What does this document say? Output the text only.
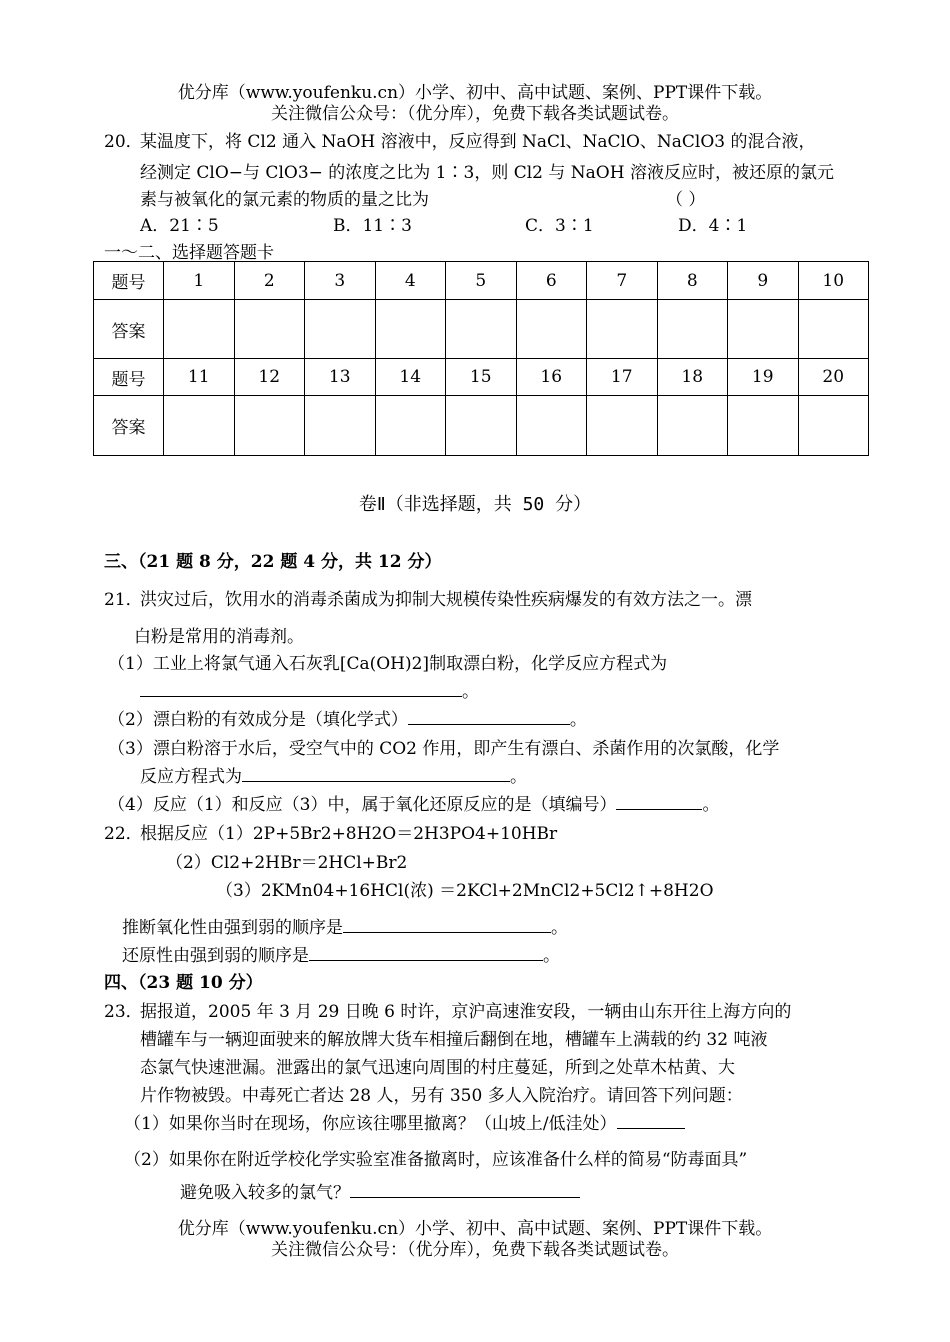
优分库（www.youfenku.cn）小学、初中、高中试题、案例、PPT课件下载。
关注微信公众号：（优分库），免费下载各类试题试卷。
20．
某温度下，将 Cl2 通入 NaOH 溶液中，反应得到 NaCl、NaClO、NaClO3 的混合液，
经测定 ClO−与 ClO3− 的浓度之比为 1∶3，则 Cl2 与 NaOH 溶液反应时，被还原的氯元
素与被氧化的氯元素的物质的量之比为	（ ）
A．21∶5	B．11∶3	C．3∶1	D．4∶1
一～二、选择题答题卡
题号	1	2	3	4	5	6	7	8	9	10
答案										
题号	11	12	13	14	15	16	17	18	19	20
答案										
卷Ⅱ（非选择题，共 50 分）
三、（21 题 8 分，22 题 4 分，共 12 分）
21．
洪灾过后，饮用水的消毒杀菌成为抑制大规模传染性疾病爆发的有效方法之一。漂
白粉是常用的消毒剂。
（1）工业上将氯气通入石灰乳[Ca(OH)2]制取漂白粉，化学反应方程式为
。
（2）漂白粉的有效成分是（填化学式）	。
（3）漂白粉溶于水后，受空气中的 CO2 作用，即产生有漂白、杀菌作用的次氯酸，化学
反应方程式为	。
（4）反应（1）和反应（3）中，属于氧化还原反应的是（填编号）	。
22．
根据反应（1）2P+5Br2+8H2O＝2H3PO4+10HBr
（2）Cl2+2HBr＝2HCl+Br2
（3）2KMn04+16HCl(浓) ＝2KCl+2MnCl2+5Cl2↑+8H2O
推断氧化性由强到弱的顺序是	。
还原性由强到弱的顺序是	。
四、（23 题 10 分）
23．
据报道，2005 年 3 月 29 日晚 6 时许，京沪高速淮安段，一辆由山东开往上海方向的
槽罐车与一辆迎面驶来的解放牌大货车相撞后翻倒在地，槽罐车上满载的约 32 吨液
态氯气快速泄漏。泄露出的氯气迅速向周围的村庄蔓延，所到之处草木枯黄、大
片作物被毁。中毒死亡者达 28 人，另有 350 多人入院治疗。请回答下列问题：
（1）如果你当时在现场，你应该往哪里撤离？（山坡上/低洼处）
（2）如果你在附近学校化学实验室准备撤离时，应该准备什么样的简易“防毒面具”
避免吸入较多的氯气？
优分库（www.youfenku.cn）小学、初中、高中试题、案例、PPT课件下载。
关注微信公众号：（优分库），免费下载各类试题试卷。
